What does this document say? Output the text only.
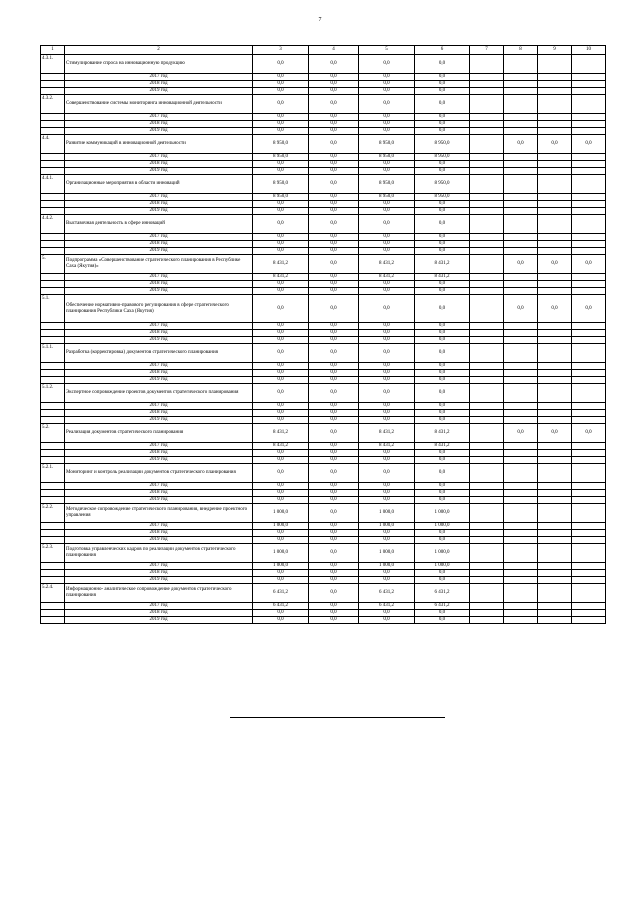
7
1	2	3	4	5	6	7	8	9	10
4.3.1.	Стимулирование спроса на инновационную продукцию	0,0	0,0	0,0	0,0				
	2017 год	0,0	0,0	0,0	0,0				
	2018 год	0,0	0,0	0,0	0,0				
	2019 год	0,0	0,0	0,0	0,0				
4.3.2.	Совершенствование системы мониторинга инновационной деятельности	0,0	0,0	0,0	0,0				
	2017 год	0,0	0,0	0,0	0,0				
	2018 год	0,0	0,0	0,0	0,0				
	2019 год	0,0	0,0	0,0	0,0				
4.4.	Развитие коммуникаций в инновационной деятельности	8 950,0	0,0	8 950,0	8 950,0		0,0	0,0	0,0
	2017 год	8 950,0	0,0	8 950,0	8 950,0				
	2018 год	0,0	0,0	0,0	0,0				
	2019 год	0,0	0,0	0,0	0,0				
4.4.1.	Организационные мероприятия в области инноваций	8 950,0	0,0	8 950,0	8 950,0				
	2017 год	8 950,0	0,0	8 950,0	8 950,0				
	2018 год	0,0	0,0	0,0	0,0				
	2019 год	0,0	0,0	0,0	0,0				
4.4.2.	Выставочная деятельность в сфере инноваций	0,0	0,0	0,0	0,0				
	2017 год	0,0	0,0	0,0	0,0				
	2018 год	0,0	0,0	0,0	0,0				
	2019 год	0,0	0,0	0,0	0,0				
5.	Подпрограмма «Совершенствование стратегического планирования в Республике Саха (Якутия)»	8 431,2	0,0	8 431,2	8 431,2		0,0	0,0	0,0
	2017 год	8 431,2	0,0	8 431,2	8 431,2				
	2018 год	0,0	0,0	0,0	0,0				
	2019 год	0,0	0,0	0,0	0,0				
5.1.	Обеспечение нормативно-правового регулирования в сфере стратегического планирования Республики Саха (Якутия)	0,0	0,0	0,0	0,0		0,0	0,0	0,0
	2017 год	0,0	0,0	0,0	0,0				
	2018 год	0,0	0,0	0,0	0,0				
	2019 год	0,0	0,0	0,0	0,0				
5.1.1.	Разработка (корректировка) документов стратегического планирования	0,0	0,0	0,0	0,0				
	2017 год	0,0	0,0	0,0	0,0				
	2018 год	0,0	0,0	0,0	0,0				
	2019 год	0,0	0,0	0,0	0,0				
5.1.2.	Экспертное сопровождение проектов документов стратегического планирования	0,0	0,0	0,0	0,0				
	2017 год	0,0	0,0	0,0	0,0				
	2018 год	0,0	0,0	0,0	0,0				
	2019 год	0,0	0,0	0,0	0,0				
5.2.	Реализация документов стратегического планирования	8 431,2	0,0	8 431,2	8 431,2		0,0	0,0	0,0
	2017 год	8 431,2	0,0	8 431,2	8 431,2				
	2018 год	0,0	0,0	0,0	0,0				
	2019 год	0,0	0,0	0,0	0,0				
5.2.1.	Мониторинг и контроль реализации документов стратегического планирования	0,0	0,0	0,0	0,0				
	2017 год	0,0	0,0	0,0	0,0				
	2018 год	0,0	0,0	0,0	0,0				
	2019 год	0,0	0,0	0,0	0,0				
5.2.2.	Методическое сопровождение стратегического планирования, внедрение проектного управления	1 000,0	0,0	1 000,0	1 000,0				
	2017 год	1 000,0	0,0	1 000,0	1 000,0				
	2018 год	0,0	0,0	0,0	0,0				
	2019 год	0,0	0,0	0,0	0,0				
5.2.3.	Подготовка управленческих кадров по реализации документов стратегического планирования	1 000,0	0,0	1 000,0	1 000,0				
	2017 год	1 000,0	0,0	1 000,0	1 000,0				
	2018 год	0,0	0,0	0,0	0,0				
	2019 год	0,0	0,0	0,0	0,0				
5.2.4.	Информационно- аналитическое сопровождение документов стратегического планирования	6 431,2	0,0	6 431,2	6 431,2				
	2017 год	6 431,2	0,0	6 431,2	6 431,2				
	2018 год	0,0	0,0	0,0	0,0				
	2019 год	0,0	0,0	0,0	0,0				
